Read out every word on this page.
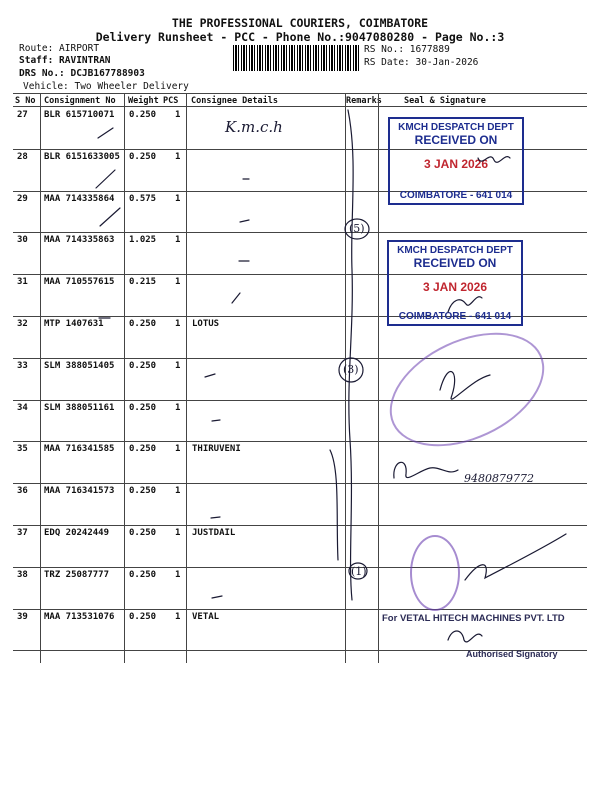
THE PROFESSIONAL COURIERS, COIMBATORE
Delivery Runsheet - PCC - Phone No.:9047080280 - Page No.:3
Route: AIRPORT
Staff: RAVINTRAN
DRS No.: DCJB167788903
Vehicle: Two Wheeler Delivery
RS No.: 1677889
RS Date: 30-Jan-2026
S No Consignment No Weight PCS Consignee Details	Remarks	Seal & Signature
27 BLR 615710071 0.250 1
28 BLR 6151633005 0.250 1
29 MAA 714335864 0.575 1
30 MAA 714335863 1.025 1
31 MAA 710557615 0.215 1
32 MTP 1407631	0.250 1 LOTUS
33 SLM 388051405 0.250 1
34 SLM 388051161 0.250 1
35 MAA 716341585 0.250 1 THIRUVENI
36 MAA 716341573 0.250 1
37 EDQ 20242449 0.250 1 JUSTDAIL
38 TRZ 25087777 0.250 1
39 MAA 713531076 0.250 1 VETAL
KMCH DESPATCH DEPT
RECEIVED ON
3 JAN 2026
COIMBATORE - 641 014
KMCH DESPATCH DEPT
RECEIVED ON
3 JAN 2026
COIMBATORE - 641 014
For VETAL HITECH MACHINES PVT. LTD
Authorised Signatory
K.m.c.h
(5)
(3)
(1)
9480879772
